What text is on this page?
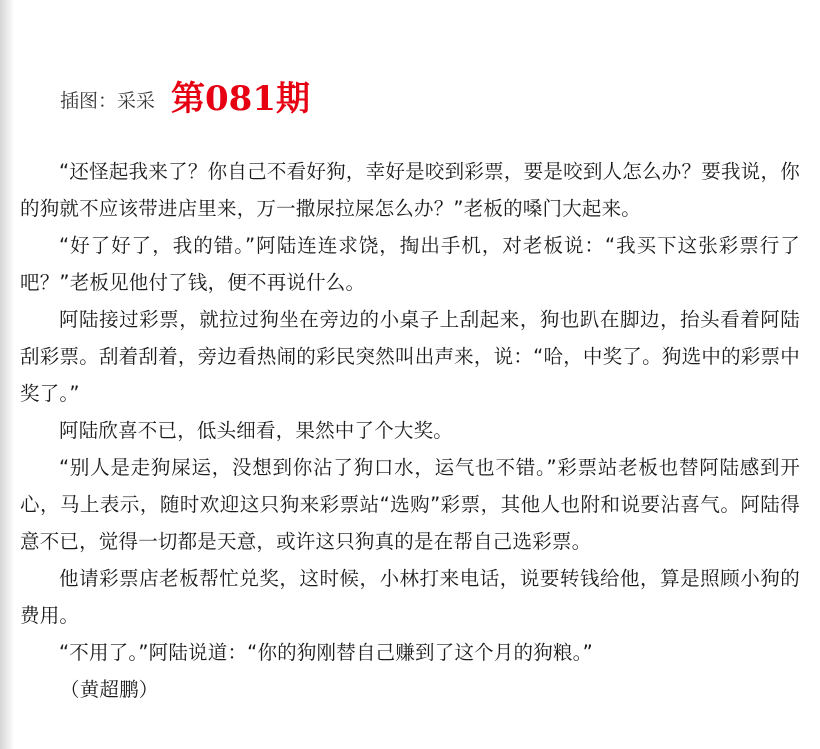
插图：采采 第081期

“还怪起我来了？你自己不看好狗，幸好是咬到彩票，要是咬到人怎么办？要我说，你的狗就不应该带进店里来，万一撒尿拉屎怎么办？”老板的嗓门大起来。

“好了好了，我的错。”阿陆连连求饶，掏出手机，对老板说：“我买下这张彩票行了吧？”老板见他付了钱，便不再说什么。

阿陆接过彩票，就拉过狗坐在旁边的小桌子上刮起来，狗也趴在脚边，抬头看着阿陆刮彩票。刮着刮着，旁边看热闹的彩民突然叫出声来，说：“哈，中奖了。狗选中的彩票中奖了。”

阿陆欣喜不已，低头细看，果然中了个大奖。

“别人是走狗屎运，没想到你沾了狗口水，运气也不错。”彩票站老板也替阿陆感到开心，马上表示，随时欢迎这只狗来彩票站“选购”彩票，其他人也附和说要沾喜气。阿陆得意不已，觉得一切都是天意，或许这只狗真的是在帮自己选彩票。

他请彩票店老板帮忙兑奖，这时候，小林打来电话，说要转钱给他，算是照顾小狗的费用。

“不用了。”阿陆说道：“你的狗刚替自己赚到了这个月的狗粮。”

（黄超鹏）
